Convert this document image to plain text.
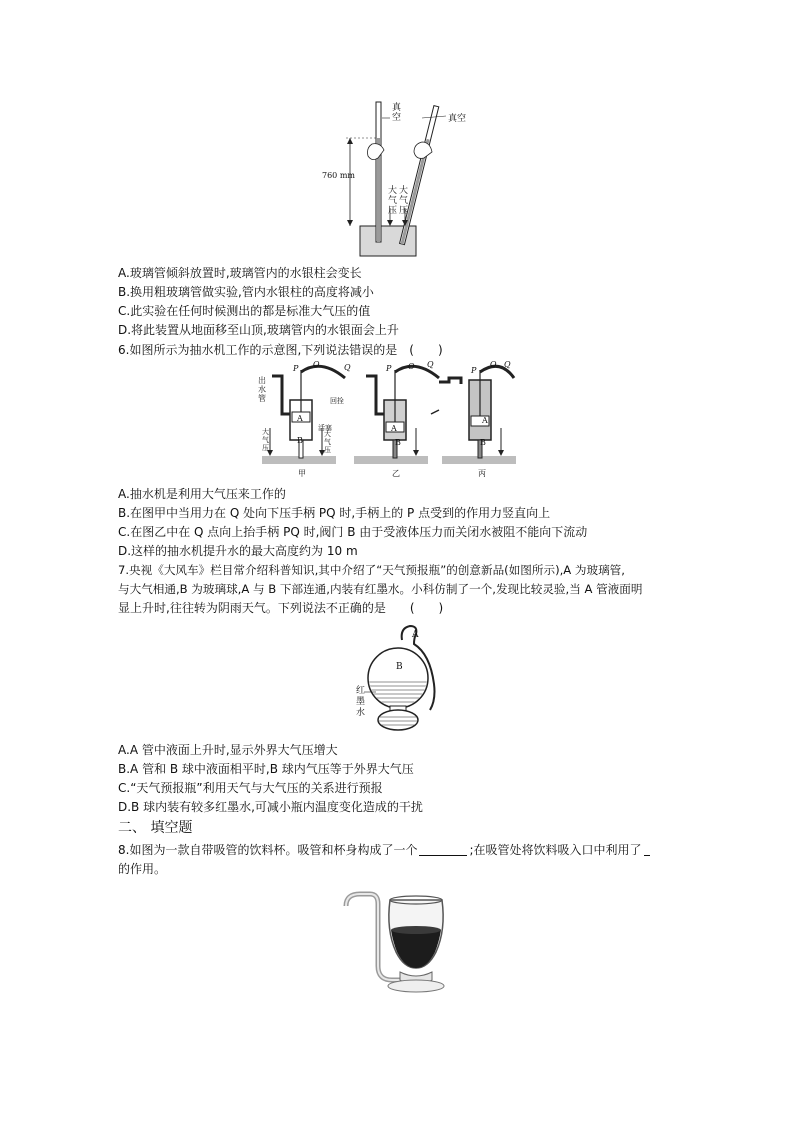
真空	真空
760 mm
大气压
大气压
A.玻璃管倾斜放置时,玻璃管内的水银柱会变长
B.换用粗玻璃管做实验,管内水银柱的高度将减小
C.此实验在任何时候测出的都是标准大气压的值
D.将此装置从地面移至山顶,玻璃管内的水银面会上升
6.如图所示为抽水机工作的示意图,下列说法错误的是　(　　)
出水管	回拴
活塞
P	Q
O	P	Q
O	P
Q
O
A
B
A
B
A
B
大气压
大气压
甲	乙	丙
A.抽水机是利用大气压来工作的
B.在图甲中当用力在 Q 处向下压手柄 PQ 时,手柄上的 P 点受到的作用力竖直向上
C.在图乙中在 Q 点向上抬手柄 PQ 时,阀门 B 由于受液体压力而关闭水被阻不能向下流动
D.这样的抽水机提升水的最大高度约为 10 m
7.央视《大风车》栏目常介绍科普知识,其中介绍了“天气预报瓶”的创意新品(如图所示),A 为玻璃管,
与大气相通,B 为玻璃球,A 与 B 下部连通,内装有红墨水。小科仿制了一个,发现比较灵验,当 A 管液面明
显上升时,往往转为阴雨天气。下列说法不正确的是　　(　　)
A
B
红墨水
A.A 管中液面上升时,显示外界大气压增大
B.A 管和 B 球中液面相平时,B 球内气压等于外界大气压
C.“天气预报瓶”利用天气与大气压的关系进行预报
D.B 球内装有较多红墨水,可减小瓶内温度变化造成的干扰
二、 填空题
8.如图为一款自带吸管的饮料杯。吸管和杯身构成了一个	;在吸管处将饮料吸入口中利用了
的作用。
